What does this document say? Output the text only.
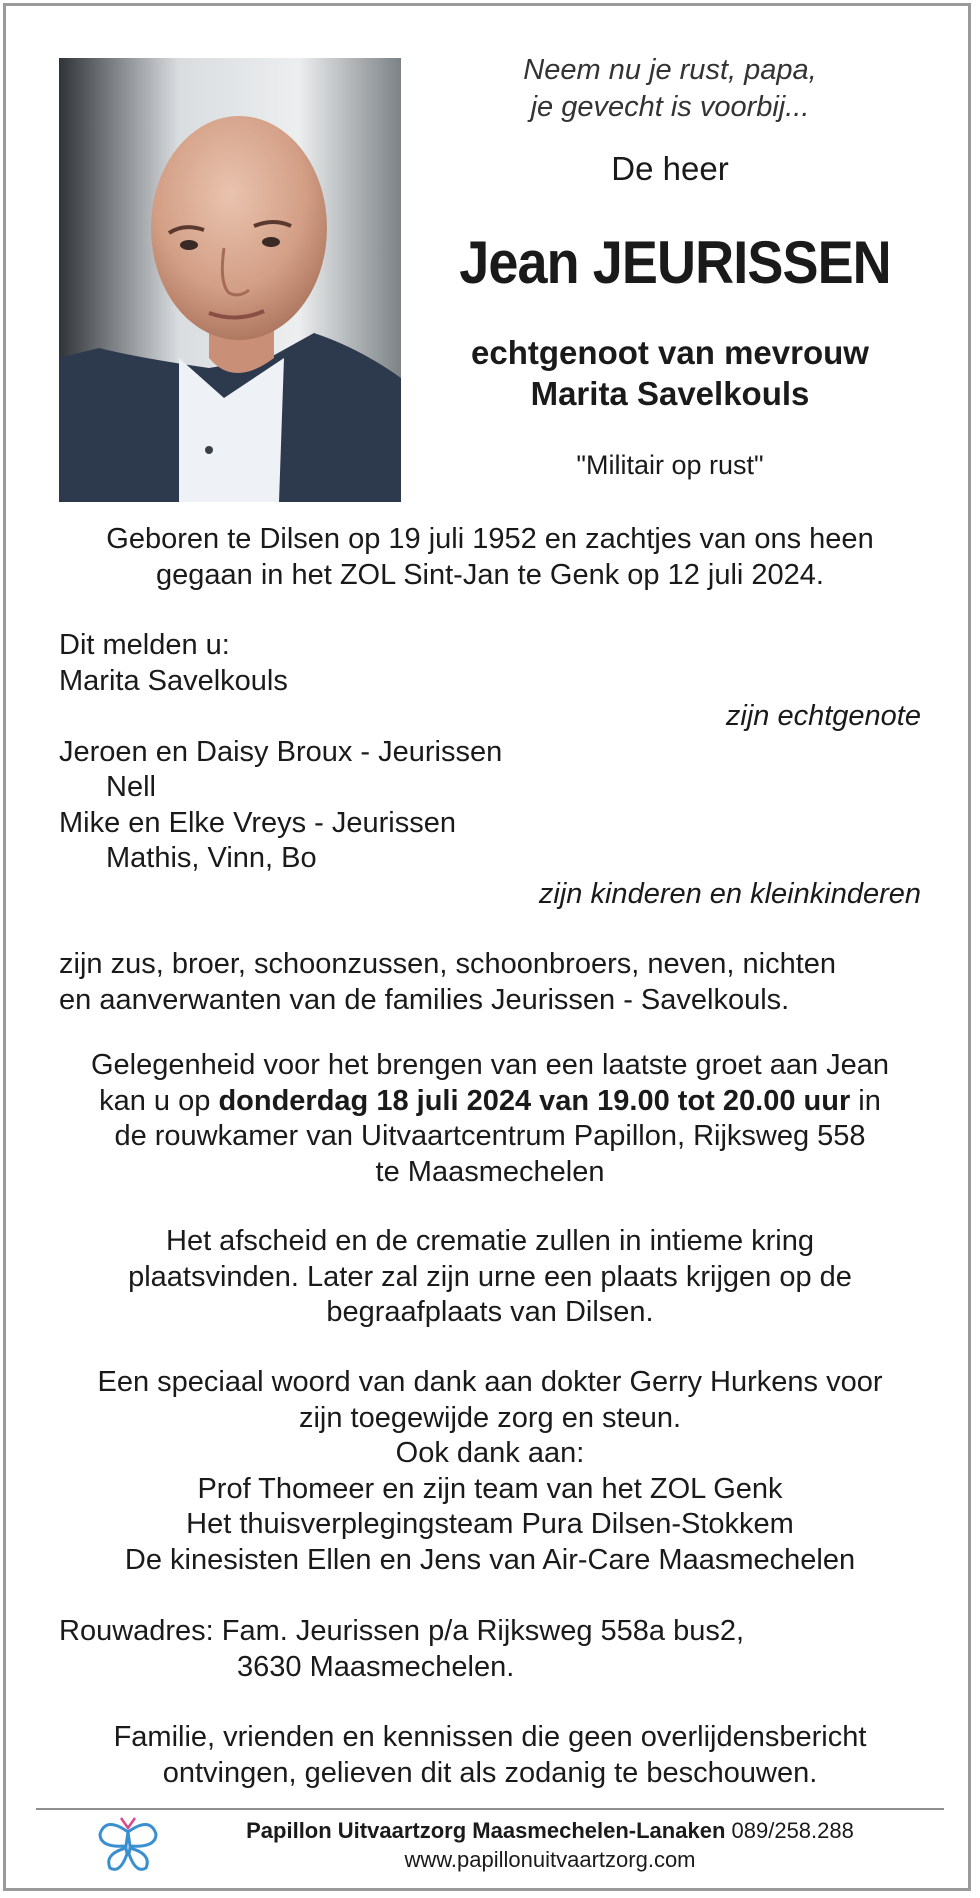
Neem nu je rust, papa,
je gevecht is voorbij...
De heer
Jean JEURISSEN
echtgenoot van mevrouw
Marita Savelkouls
"Militair op rust"
Geboren te Dilsen op 19 juli 1952 en zachtjes van ons heen
gegaan in het ZOL Sint-Jan te Genk op 12 juli 2024.
Dit melden u:
Marita Savelkouls
zijn echtgenote
Jeroen en Daisy Broux - Jeurissen
Nell
Mike en Elke Vreys - Jeurissen
Mathis, Vinn, Bo
zijn kinderen en kleinkinderen
zijn zus, broer, schoonzussen, schoonbroers, neven, nichten
en aanverwanten van de families Jeurissen - Savelkouls.
Gelegenheid voor het brengen van een laatste groet aan Jean
kan u op donderdag 18 juli 2024 van 19.00 tot 20.00 uur in
de rouwkamer van Uitvaartcentrum Papillon, Rijksweg 558
te Maasmechelen
Het afscheid en de crematie zullen in intieme kring
plaatsvinden. Later zal zijn urne een plaats krijgen op de
begraafplaats van Dilsen.
Een speciaal woord van dank aan dokter Gerry Hurkens voor
zijn toegewijde zorg en steun.
Ook dank aan:
Prof Thomeer en zijn team van het ZOL Genk
Het thuisverplegingsteam Pura Dilsen-Stokkem
De kinesisten Ellen en Jens van Air-Care Maasmechelen
Rouwadres: Fam. Jeurissen p/a Rijksweg 558a bus2,
3630 Maasmechelen.
Familie, vrienden en kennissen die geen overlijdensbericht
ontvingen, gelieven dit als zodanig te beschouwen.
Papillon Uitvaartzorg Maasmechelen-Lanaken 089/258.288
www.papillonuitvaartzorg.com
